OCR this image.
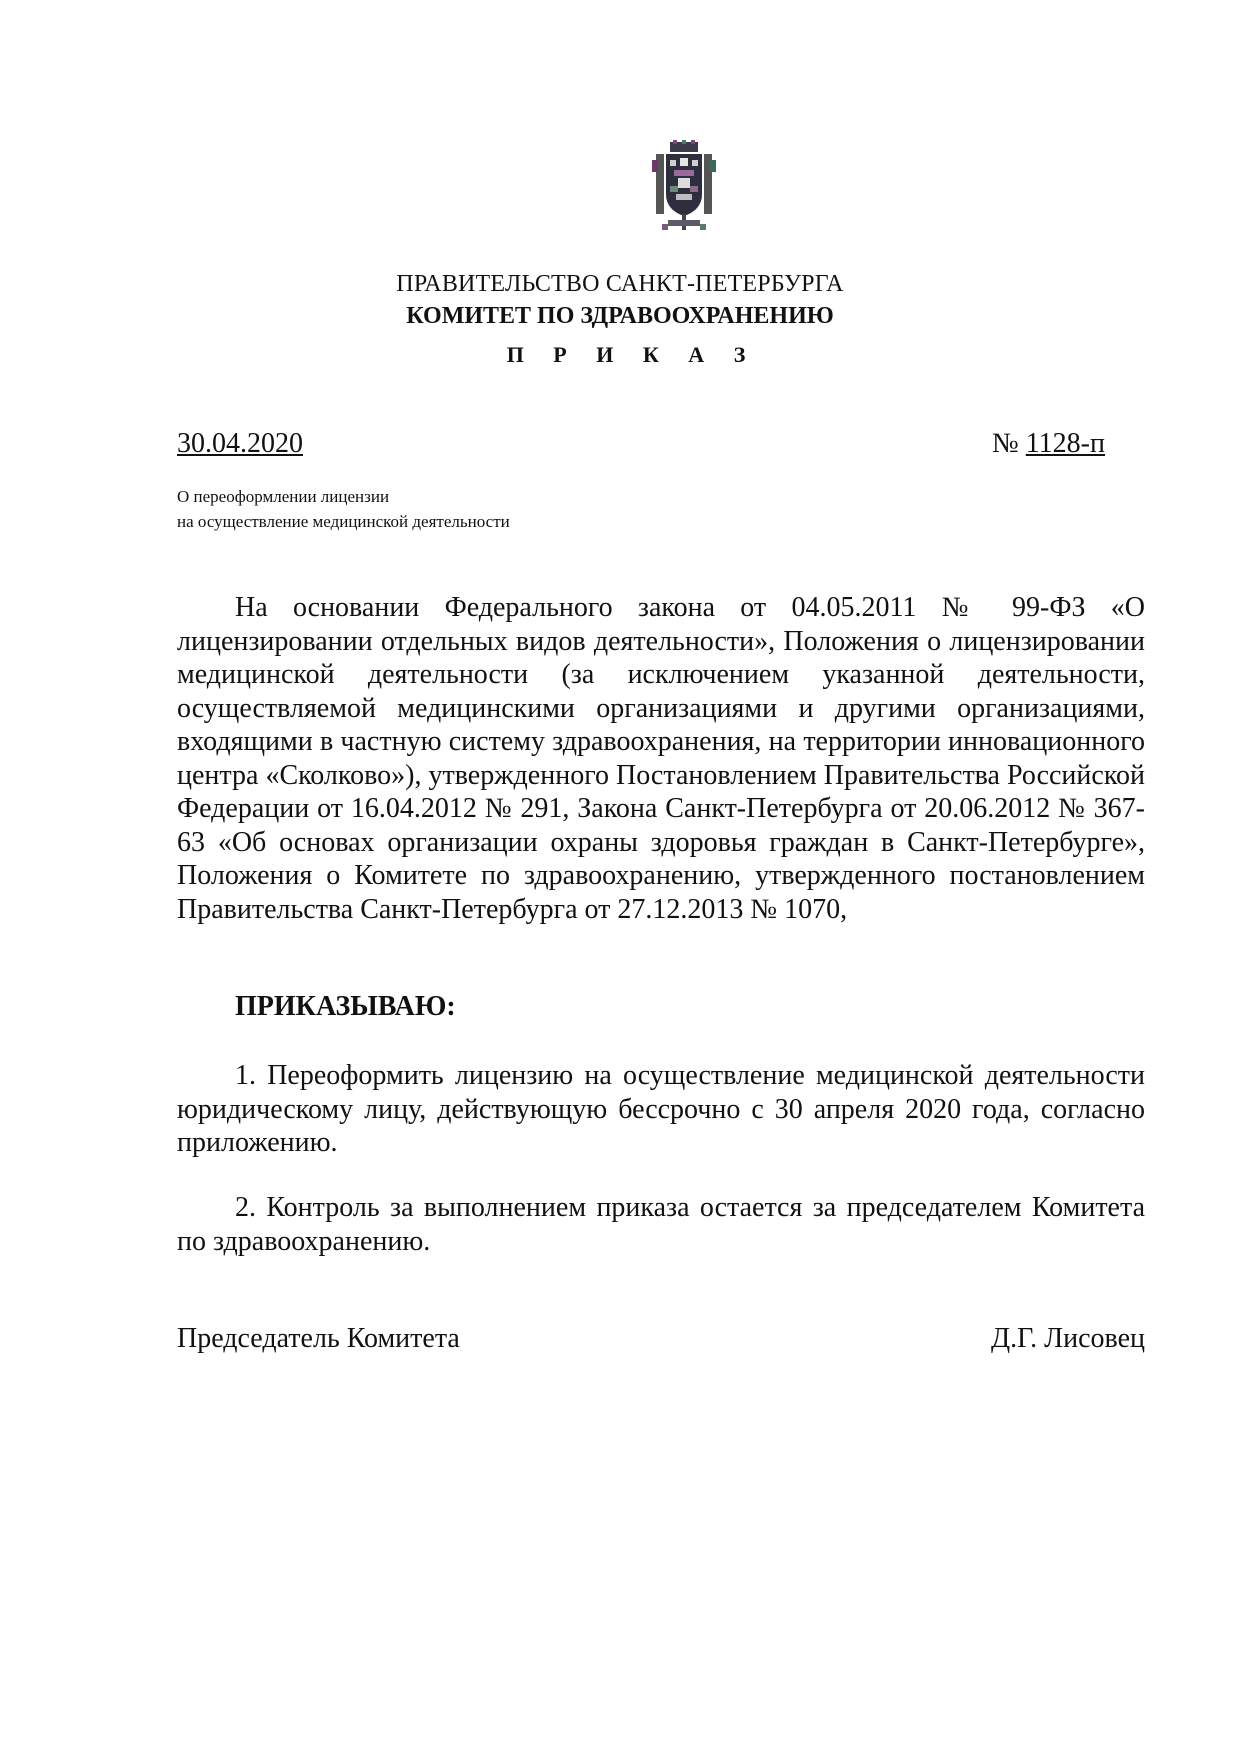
ПРАВИТЕЛЬСТВО САНКТ-ПЕТЕРБУРГА
КОМИТЕТ ПО ЗДРАВООХРАНЕНИЮ
П Р И К А З
30.04.2020	№ 1128-п
О переоформлении лицензии
на осуществление медицинской деятельности
На основании Федерального закона от 04.05.2011 № 99-ФЗ «О лицензировании отдельных видов деятельности», Положения о лицензировании медицинской деятельности (за исключением указанной деятельности, осуществляемой медицинскими организациями и другими организациями, входящими в частную систему здравоохранения, на территории инновационного центра «Сколково»), утвержденного Постановлением Правительства Российской Федерации от 16.04.2012 № 291, Закона Санкт-Петербурга от 20.06.2012 № 367-63 «Об основах организации охраны здоровья граждан в Санкт-Петербурге», Положения о Комитете по здравоохранению, утвержденного постановлением Правительства Санкт-Петербурга от 27.12.2013 № 1070,
ПРИКАЗЫВАЮ:
1. Переоформить лицензию на осуществление медицинской деятельности юридическому лицу, действующую бессрочно с 30 апреля 2020 года, согласно приложению.
2. Контроль за выполнением приказа остается за председателем Комитета по здравоохранению.
Председатель Комитета	Д.Г. Лисовец
